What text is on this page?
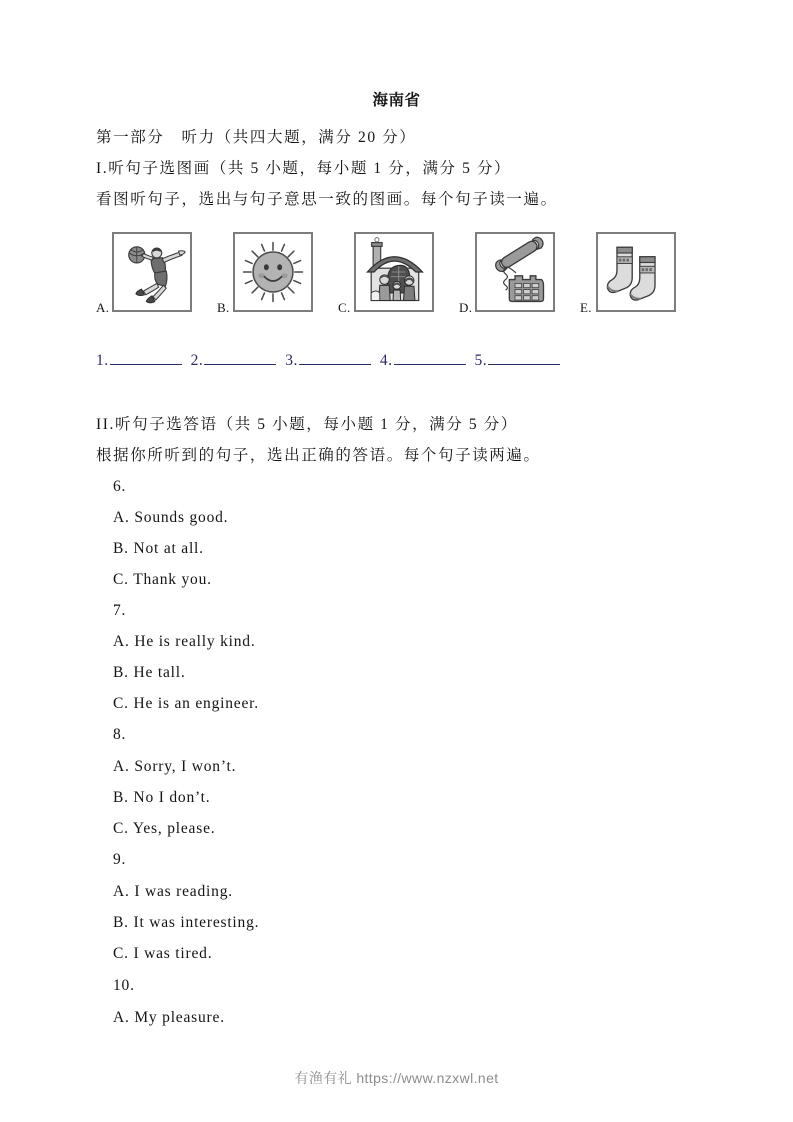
海南省
第一部分　听力（共四大题，满分 20 分）
I.听句子选图画（共 5 小题，每小题 1 分，满分 5 分）
看图听句子，选出与句子意思一致的图画。每个句子读一遍。
A.	B.	C.	D.	E.
1.	2.	3.	4.	5.
II.听句子选答语（共 5 小题，每小题 1 分，满分 5 分）
根据你所听到的句子，选出正确的答语。每个句子读两遍。
6.
A. Sounds good.
B. Not at all.
C. Thank you.
7.
A. He is really kind.
B. He tall.
C. He is an engineer.
8.
A. Sorry, I won’t.
B. No I don’t.
C. Yes, please.
9.
A. I was reading.
B. It was interesting.
C. I was tired.
10.
A. My pleasure.
有渔有礼 https://www.nzxwl.net
